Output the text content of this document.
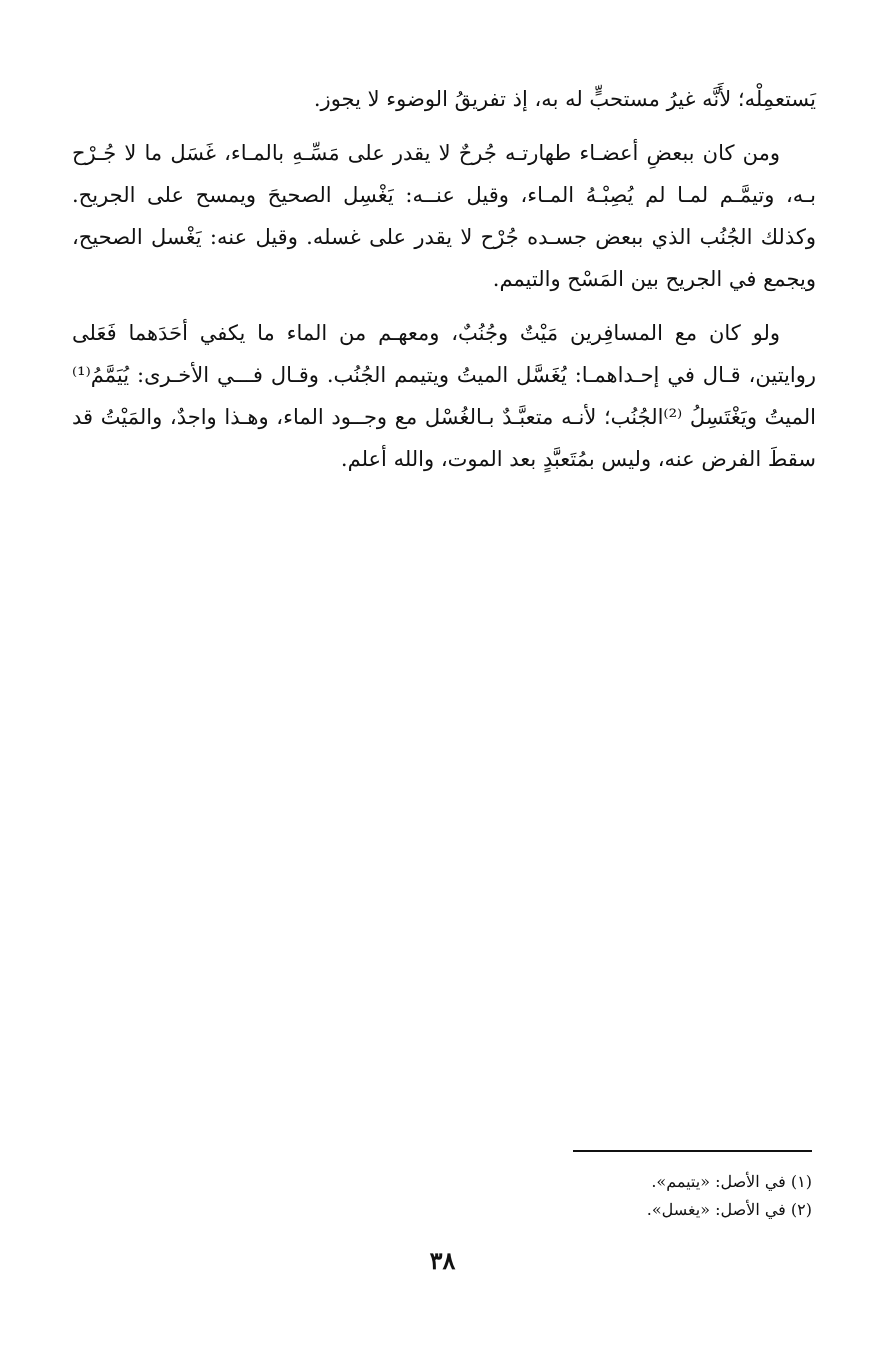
يَستعمِلْه؛ لأَنَّه غيرُ مستحبٍّ له به، إذ تفريقُ الوضوء لا يجوز.

ومن كان ببعضِ أعضـاء طهارتـه جُرحٌ لا يقدر على مَسِّـهِ بالمـاء، غَسَل ما لا جُـرْح بـه، وتيمَّـم لمـا لم يُصِبْـهُ المـاء، وقيل عنــه: يَغْسِل الصحيحَ ويمسح على الجريح. وكذلك الجُنُب الذي ببعض جسـده جُرْح لا يقدر على غسله. وقيل عنه: يَغْسل الصحيح، ويجمع في الجريح بين المَسْح والتيمم.

ولو كان مع المسافِرين مَيْتٌ وجُنُبٌ، ومعهـم من الماء ما يكفي أحَدَهما فَعَلى روايتين، قـال في إحـداهمـا: يُغَسَّل الميتُ ويتيمم الجُنُب. وقـال فـــي الأخـرى: يُيَمَّمُ⁽¹⁾ الميتُ ويَغْتَسِلُ ⁽²⁾الجُنُب؛ لأنـه متعبَّـدٌ بـالغُسْل مع وجــود الماء، وهـذا واجدٌ، والمَيْتُ قد سقطَ الفرض عنه، وليس بمُتَعبَّدٍ بعد الموت، والله أعلم.

(١) في الأصل: «يتيمم».
(٢) في الأصل: «يغسل».
٣٨
